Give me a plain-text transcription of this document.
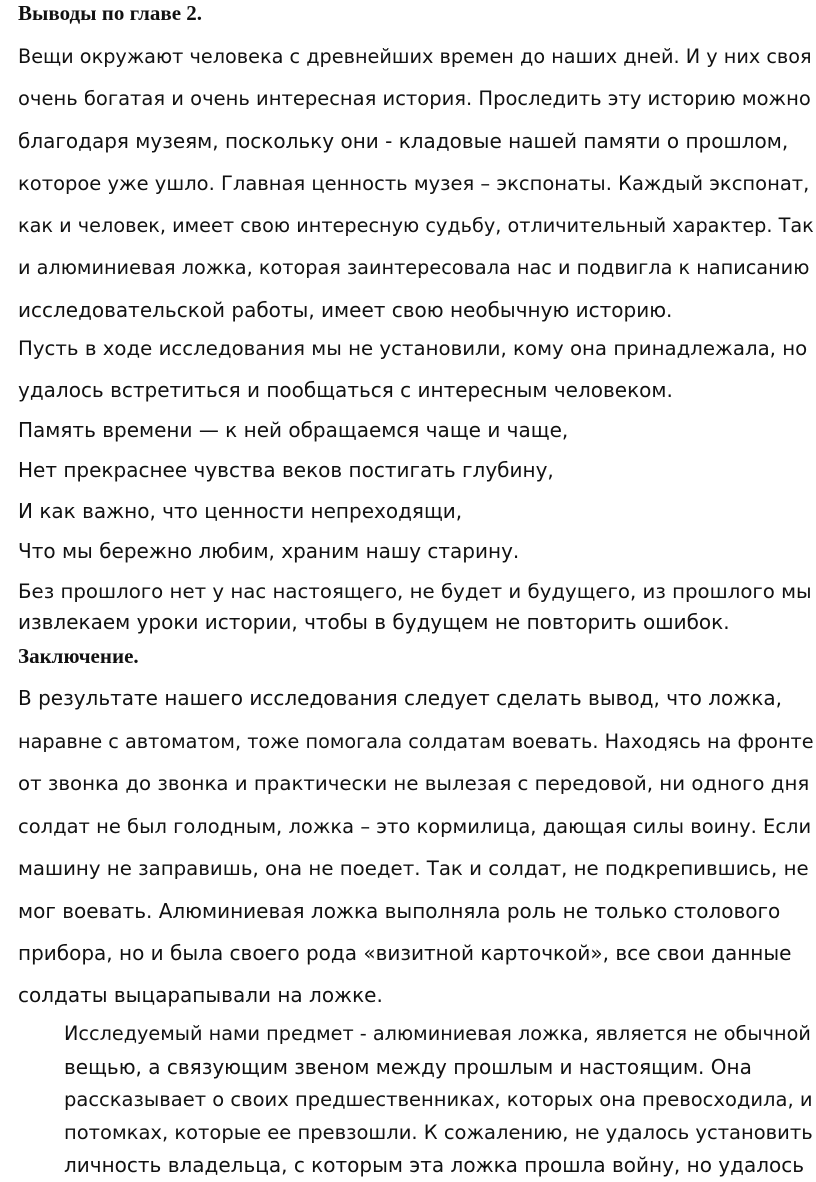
Выводы по главе 2.
Вещи окружают человека с древнейших времен до наших дней. И у них своя
очень богатая и очень интересная история. Проследить эту историю можно
благодаря музеям, поскольку они - кладовые нашей памяти о прошлом,
которое уже ушло. Главная ценность музея – экспонаты. Каждый экспонат,
как и человек, имеет свою интересную судьбу, отличительный характер. Так
и алюминиевая ложка, которая заинтересовала нас и подвигла к написанию
исследовательской работы, имеет свою необычную историю.
Пусть в ходе исследования мы не установили, кому она принадлежала, но
удалось встретиться и пообщаться с интересным человеком.
Память времени — к ней обращаемся чаще и чаще,
Нет прекраснее чувства веков постигать глубину,
И как важно, что ценности непреходящи,
Что мы бережно любим, храним нашу старину.
Без прошлого нет у нас настоящего, не будет и будущего, из прошлого мы
извлекаем уроки истории, чтобы в будущем не повторить ошибок.
Заключение.
В результате нашего исследования следует сделать вывод, что ложка,
наравне с автоматом, тоже помогала солдатам воевать. Находясь на фронте
от звонка до звонка и практически не вылезая с передовой, ни одного дня
солдат не был голодным, ложка – это кормилица, дающая силы воину. Если
машину не заправишь, она не поедет. Так и солдат, не подкрепившись, не
мог воевать. Алюминиевая ложка выполняла роль не только столового
прибора, но и была своего рода «визитной карточкой», все свои данные
солдаты выцарапывали на ложке.
Исследуемый нами предмет - алюминиевая ложка, является не обычной
вещью, а связующим звеном между прошлым и настоящим. Она
рассказывает о своих предшественниках, которых она превосходила, и
потомках, которые ее превзошли. К сожалению, не удалось установить
личность владельца, с которым эта ложка прошла войну, но удалось
